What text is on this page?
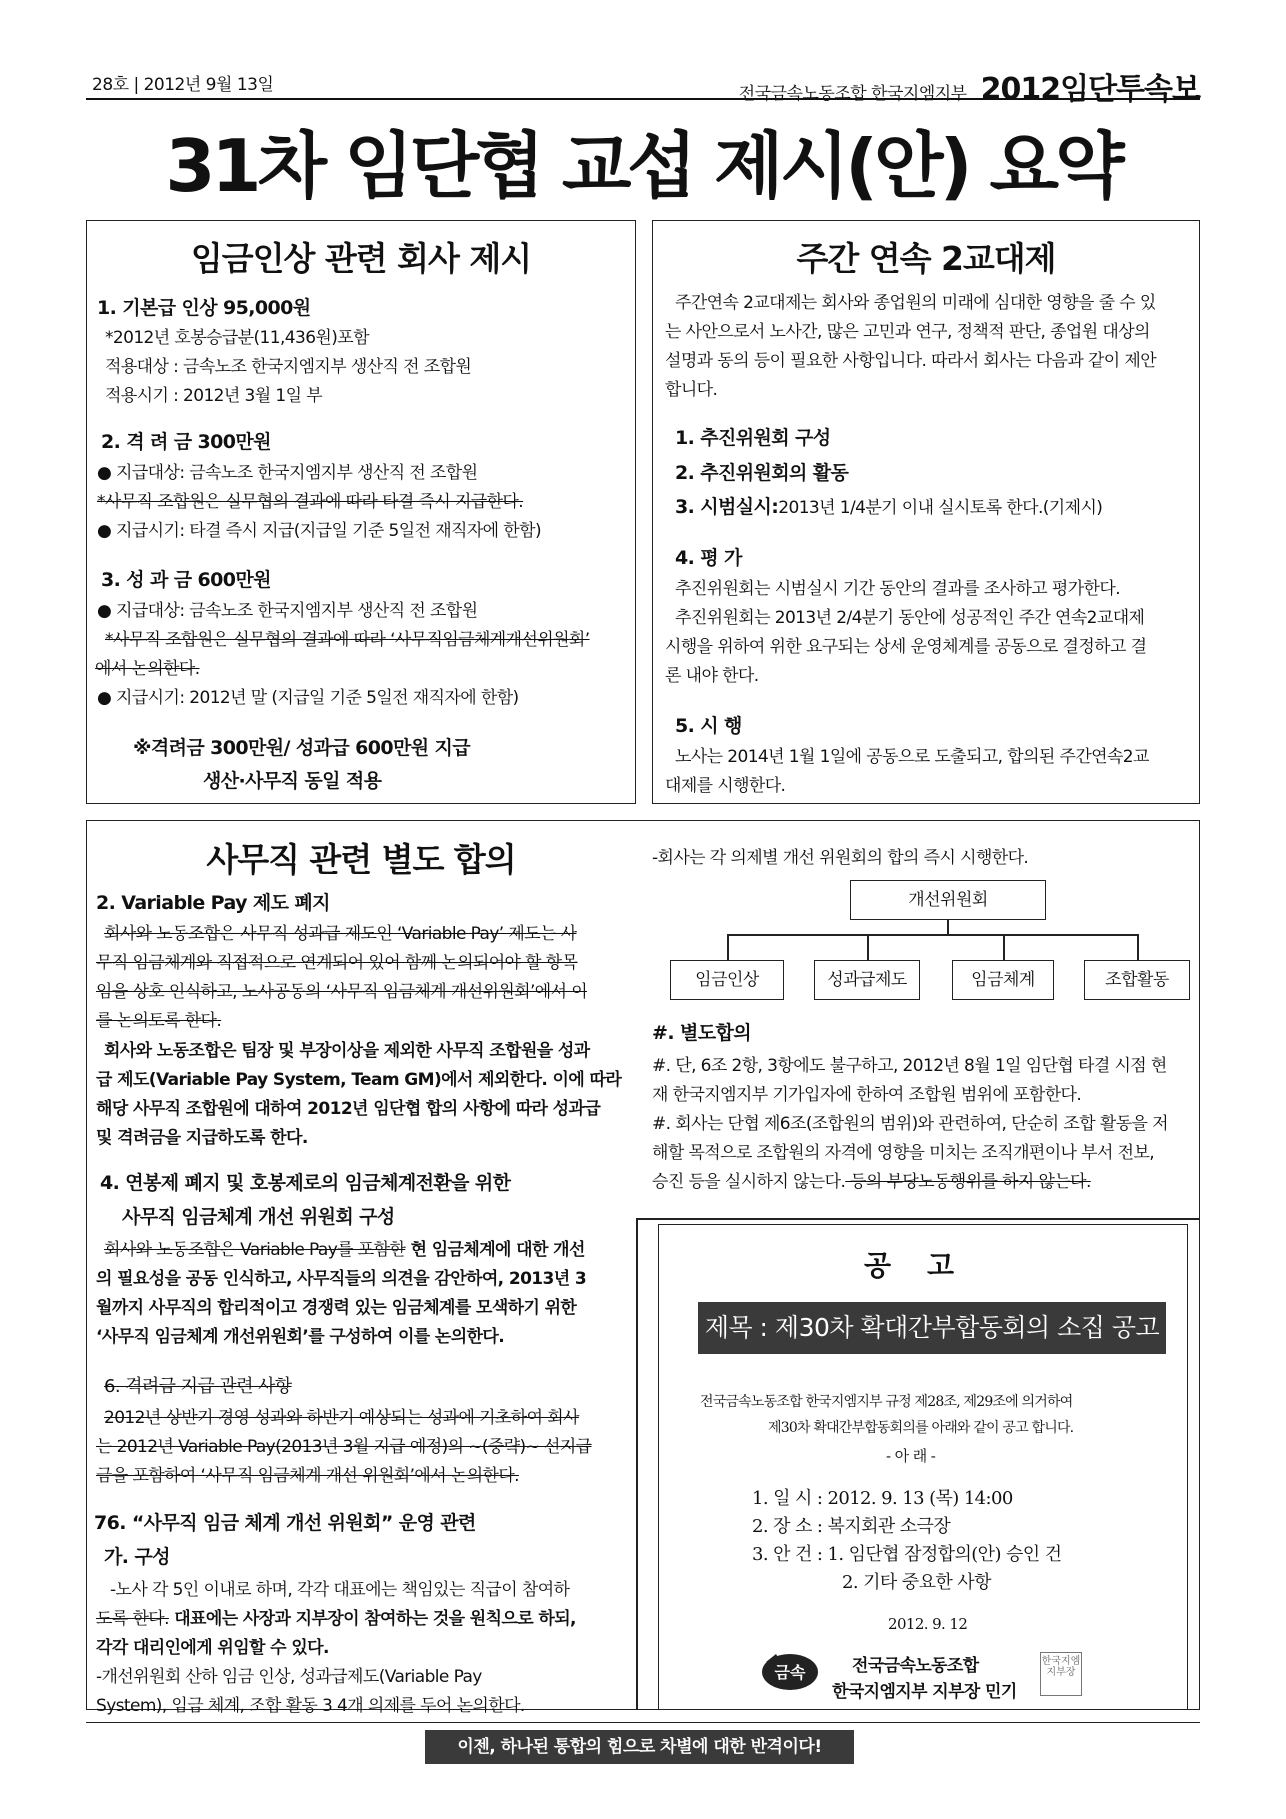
28호 | 2012년 9월 13일	전국금속노동조합 한국지엠지부 2012임단투속보
31차 임단협 교섭 제시(안) 요약
임금인상 관련 회사 제시
1. 기본급 인상 95,000원
*2012년 호봉승급분(11,436원)포함
적용대상 : 금속노조 한국지엠지부 생산직 전 조합원
적용시기 : 2012년 3월 1일 부
2. 격 려 금 300만원
● 지급대상: 금속노조 한국지엠지부 생산직 전 조합원
*사무직 조합원은 실무협의 결과에 따라 타결 즉시 지급한다.
● 지급시기: 타결 즉시 지급(지급일 기준 5일전 재직자에 한함)
3. 성 과 금 600만원
● 지급대상: 금속노조 한국지엠지부 생산직 전 조합원
*사무직 조합원은 실무협의 결과에 따라 ‘사무직임금체계개선위원회’
에서 논의한다.
● 지급시기: 2012년 말 (지급일 기준 5일전 재직자에 한함)
※격려금 300만원/ 성과급 600만원 지급
생산·사무직 동일 적용
주간 연속 2교대제
주간연속 2교대제는 회사와 종업원의 미래에 심대한 영향을 줄 수 있
는 사안으로서 노사간, 많은 고민과 연구, 정책적 판단, 종업원 대상의
설명과 동의 등이 필요한 사항입니다. 따라서 회사는 다음과 같이 제안
합니다.
1. 추진위원회 구성
2. 추진위원회의 활동
3. 시범실시:2013년 1/4분기 이내 실시토록 한다.(기제시)
4. 평 가
추진위원회는 시범실시 기간 동안의 결과를 조사하고 평가한다.
추진위원회는 2013년 2/4분기 동안에 성공적인 주간 연속2교대제
시행을 위하여 위한 요구되는 상세 운영체계를 공동으로 결정하고 결
론 내야 한다.
5. 시 행
노사는 2014년 1월 1일에 공동으로 도출되고, 합의된 주간연속2교
대제를 시행한다.
사무직 관련 별도 합의
2. Variable Pay 제도 폐지
회사와 노동조합은 사무직 성과급 제도인 ‘Variable Pay’ 제도는 사
무직 임금체계와 직접적으로 연계되어 있어 함께 논의되어야 할 항목
임을 상호 인식하고, 노사공동의 ‘사무직 임금체계 개선위원회’에서 이
를 논의토록 한다.
회사와 노동조합은 팀장 및 부장이상을 제외한 사무직 조합원을 성과
급 제도(Variable Pay System, Team GM)에서 제외한다. 이에 따라
해당 사무직 조합원에 대하여 2012년 임단협 합의 사항에 따라 성과급
및 격려금을 지급하도록 한다.
4. 연봉제 폐지 및 호봉제로의 임금체계전환을 위한
사무직 임금체계 개선 위원회 구성
회사와 노동조합은 Variable Pay를 포함한 현 임금체계에 대한 개선
의 필요성을 공동 인식하고, 사무직들의 의견을 감안하여, 2013년 3
월까지 사무직의 합리적이고 경쟁력 있는 임금체계를 모색하기 위한
‘사무직 임금체계 개선위원회’를 구성하여 이를 논의한다.
6. 격려금 지급 관련 사항
2012년 상반기 경영 성과와 하반기 예상되는 성과에 기초하여 회사
는 2012년 Variable Pay(2013년 3월 지급 예정)의 ~(중략)~ 선지급
금을 포함하여 ‘사무직 임금체계 개선 위원회’에서 논의한다.
76. “사무직 임금 체계 개선 위원회” 운영 관련
가. 구성
-노사 각 5인 이내로 하며, 각각 대표에는 책임있는 직급이 참여하
도록 한다. 대표에는 사장과 지부장이 참여하는 것을 원칙으로 하되,
각각 대리인에게 위임할 수 있다.
-개선위원회 산하 임금 인상, 성과급제도(Variable Pay
System), 임금 체계, 조합 활동 3 4개 의제를 두어 논의한다.
-회사는 각 의제별 개선 위원회의 합의 즉시 시행한다.
개선위원회
임금인상	성과급제도	임금체계	조합활동
#. 별도합의
#. 단, 6조 2항, 3항에도 불구하고, 2012년 8월 1일 임단협 타결 시점 현
재 한국지엠지부 기가입자에 한하여 조합원 범위에 포함한다.
#. 회사는 단협 제6조(조합원의 범위)와 관련하여, 단순히 조합 활동을 저
해할 목적으로 조합원의 자격에 영향을 미치는 조직개편이나 부서 전보,
승진 등을 실시하지 않는다. 등의 부당노동행위를 하지 않는다.
공고
제목 : 제30차 확대간부합동회의 소집 공고
전국금속노동조합 한국지엠지부 규정 제28조, 제29조에 의거하여
제30차 확대간부합동회의를 아래와 같이 공고 합니다.
- 아 래 -
1. 일 시 : 2012. 9. 13 (목) 14:00
2. 장 소 : 복지회관 소극장
3. 안 건 : 1. 임단협 잠정합의(안) 승인 건
2. 기타 중요한 사항
2012. 9. 12
금속	전국금속노동조합
한국지엠지부 지부장 민기
한국지엠지부장
이젠, 하나된 통합의 힘으로 차별에 대한 반격이다!
